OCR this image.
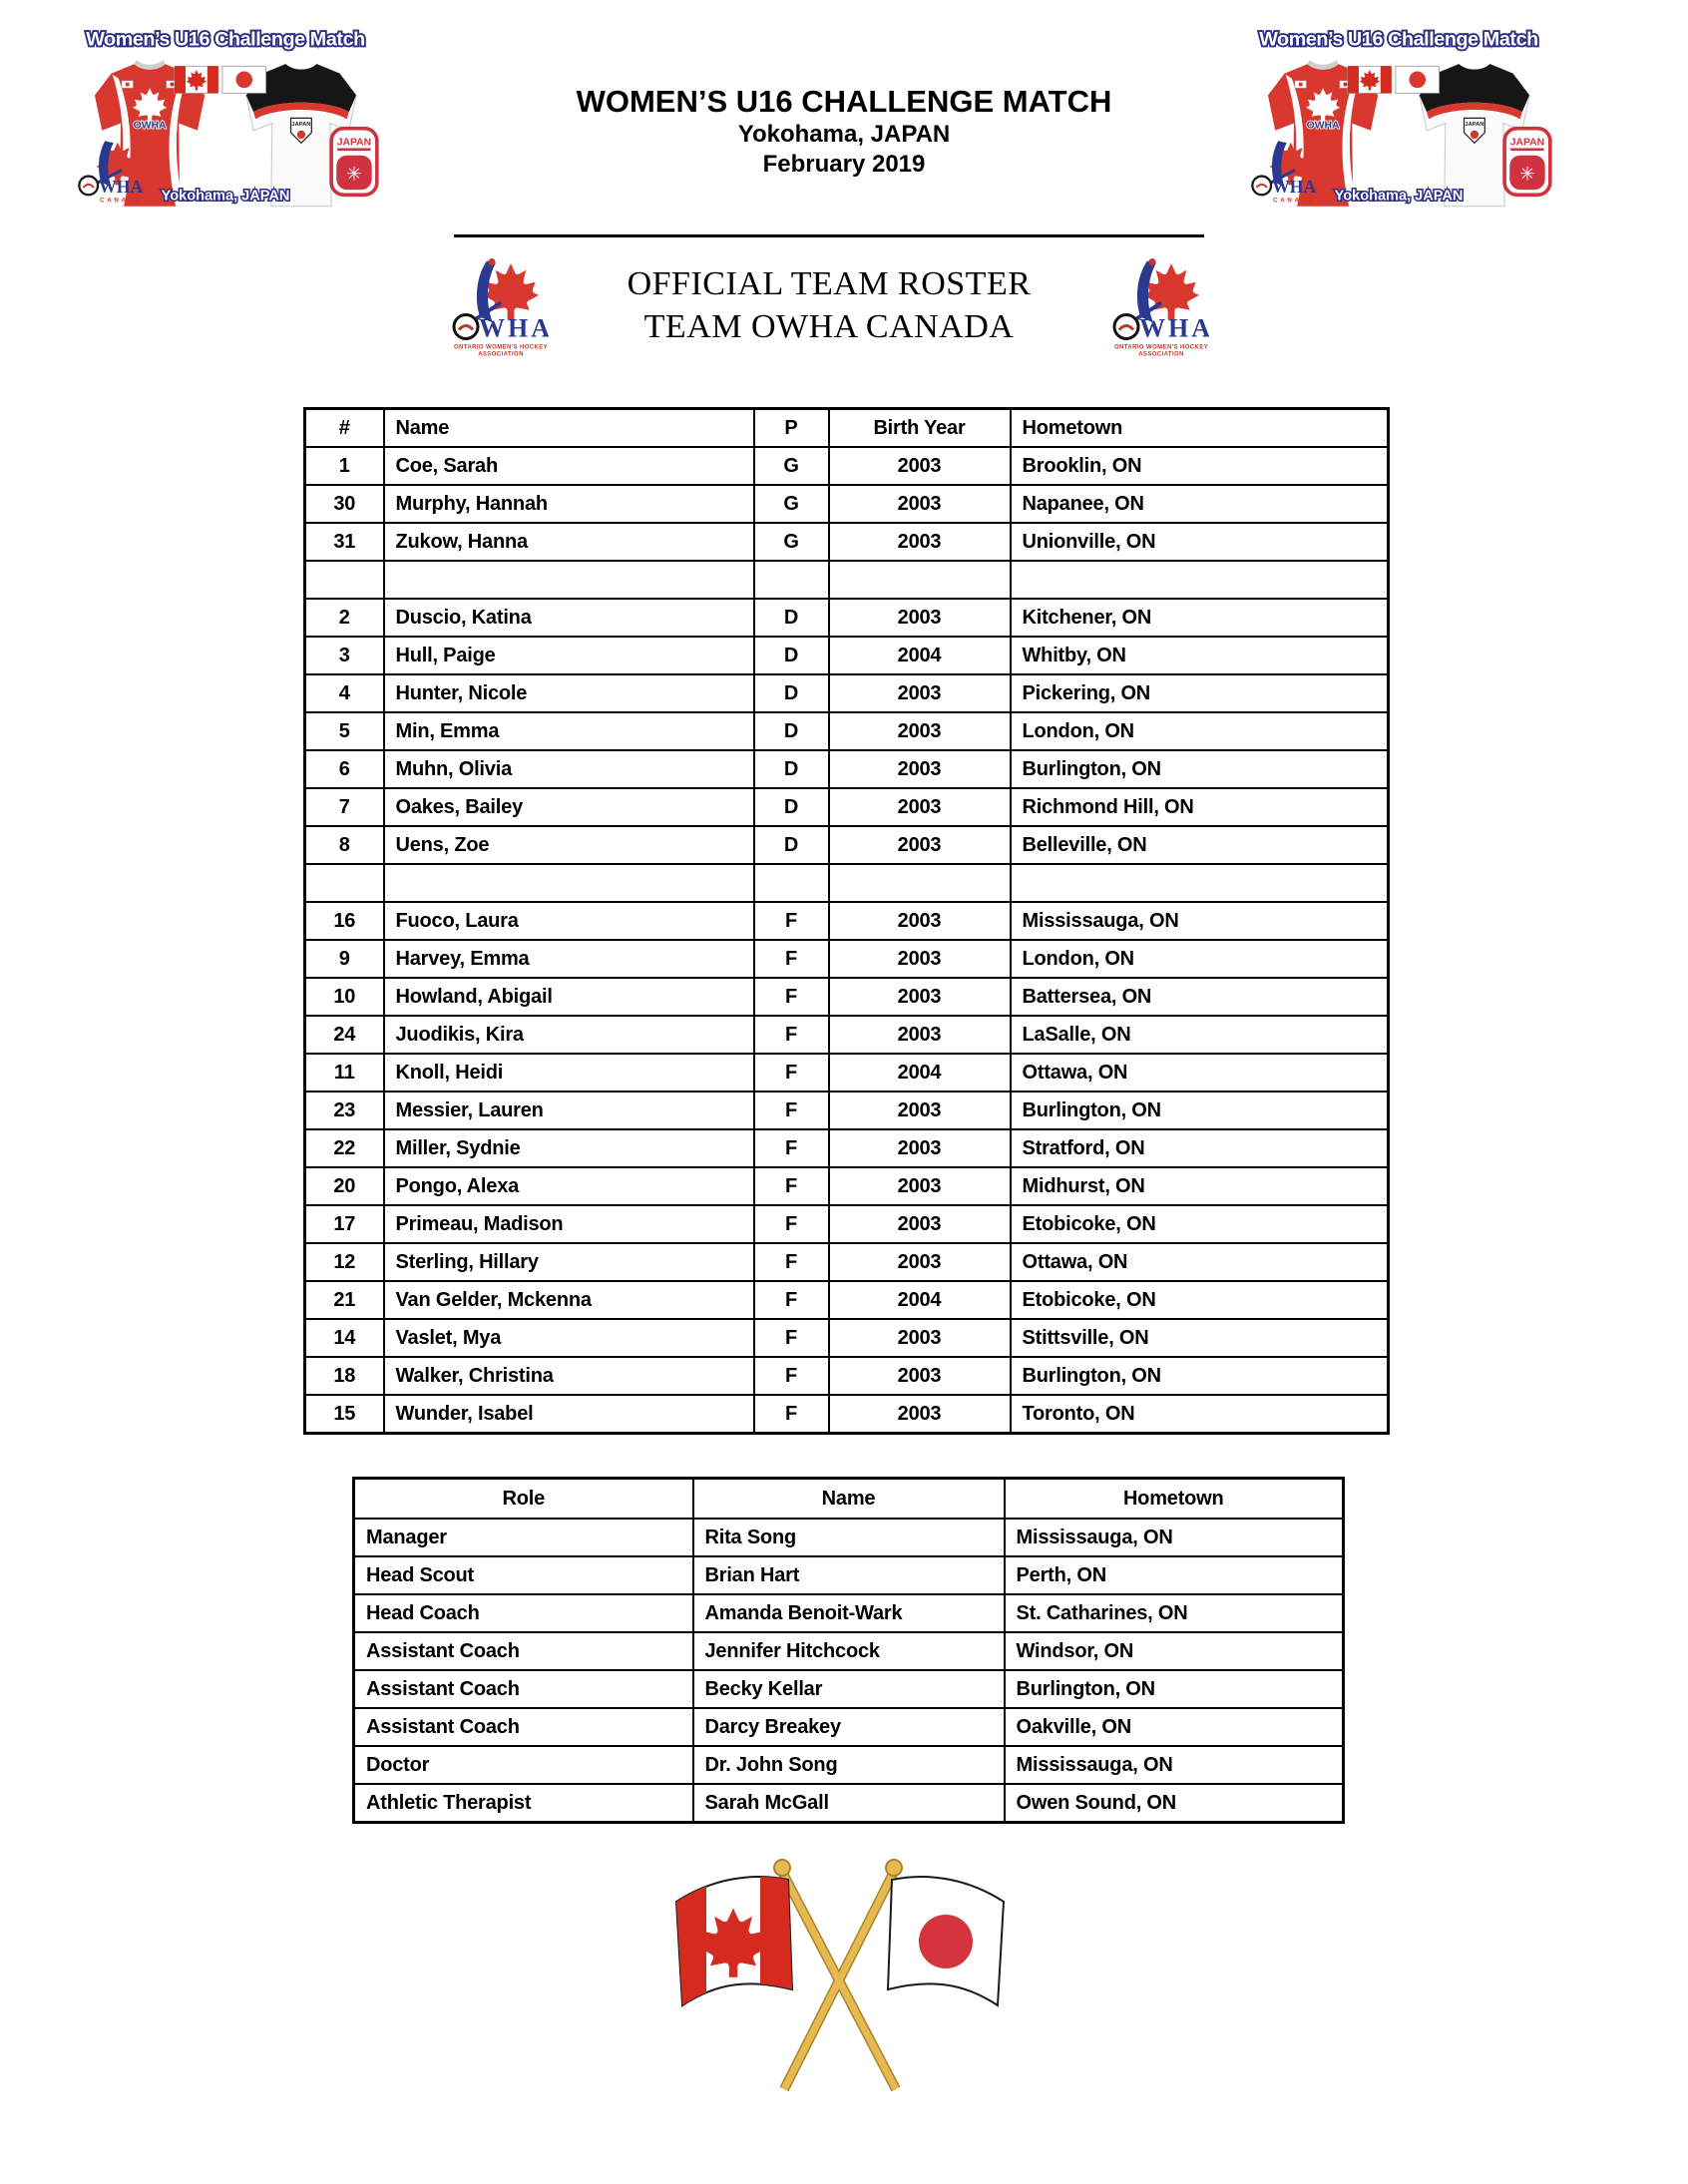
WOMEN’S U16 CHALLENGE MATCH
Yokohama, JAPAN
February 2019
OFFICIAL TEAM ROSTER
TEAM OWHA CANADA
#	Name	P	Birth Year	Hometown
1	Coe, Sarah	G	2003	Brooklin, ON
30	Murphy, Hannah	G	2003	Napanee, ON
31	Zukow, Hanna	G	2003	Unionville, ON

2	Duscio, Katina	D	2003	Kitchener, ON
3	Hull, Paige	D	2004	Whitby, ON
4	Hunter, Nicole	D	2003	Pickering, ON
5	Min, Emma	D	2003	London, ON
6	Muhn, Olivia	D	2003	Burlington, ON
7	Oakes, Bailey	D	2003	Richmond Hill, ON
8	Uens, Zoe	D	2003	Belleville, ON

16	Fuoco, Laura	F	2003	Mississauga, ON
9	Harvey, Emma	F	2003	London, ON
10	Howland, Abigail	F	2003	Battersea, ON
24	Juodikis, Kira	F	2003	LaSalle, ON
11	Knoll, Heidi	F	2004	Ottawa, ON
23	Messier, Lauren	F	2003	Burlington, ON
22	Miller, Sydnie	F	2003	Stratford, ON
20	Pongo, Alexa	F	2003	Midhurst, ON
17	Primeau, Madison	F	2003	Etobicoke, ON
12	Sterling, Hillary	F	2003	Ottawa, ON
21	Van Gelder, Mckenna	F	2004	Etobicoke, ON
14	Vaslet, Mya	F	2003	Stittsville, ON
18	Walker, Christina	F	2003	Burlington, ON
15	Wunder, Isabel	F	2003	Toronto, ON
Role	Name	Hometown
Manager	Rita Song	Mississauga, ON
Head Scout	Brian Hart	Perth, ON
Head Coach	Amanda Benoit-Wark	St. Catharines, ON
Assistant Coach	Jennifer Hitchcock	Windsor, ON
Assistant Coach	Becky Kellar	Burlington, ON
Assistant Coach	Darcy Breakey	Oakville, ON
Doctor	Dr. John Song	Mississauga, ON
Athletic Therapist	Sarah McGall	Owen Sound, ON
